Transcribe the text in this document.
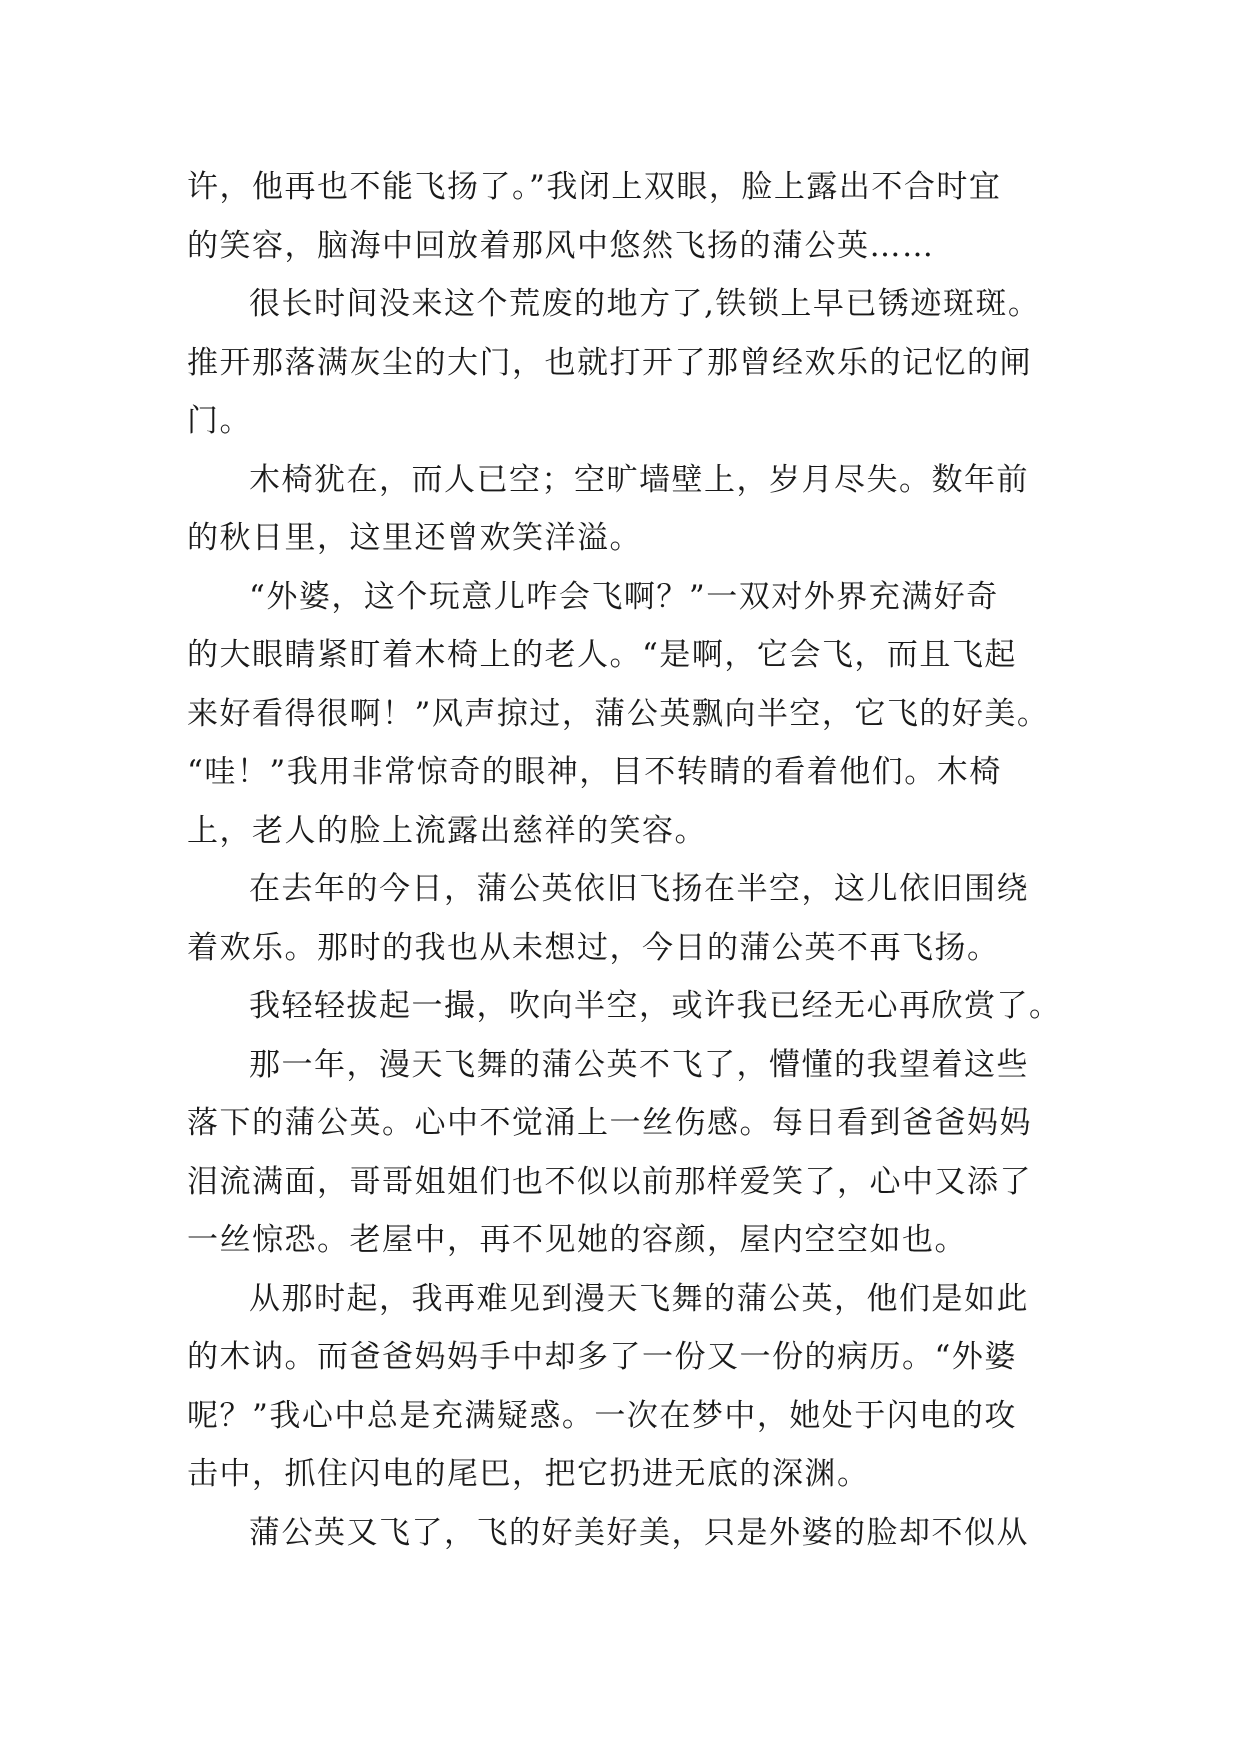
许，他再也不能飞扬了。”我闭上双眼，脸上露出不合时宜
的笑容，脑海中回放着那风中悠然飞扬的蒲公英……

很长时间没来这个荒废的地方了,铁锁上早已锈迹斑斑。
推开那落满灰尘的大门，也就打开了那曾经欢乐的记忆的闸
门。

木椅犹在，而人已空；空旷墙壁上，岁月尽失。数年前
的秋日里，这里还曾欢笑洋溢。

“外婆，这个玩意儿咋会飞啊？”一双对外界充满好奇
的大眼睛紧盯着木椅上的老人。“是啊，它会飞，而且飞起
来好看得很啊！”风声掠过，蒲公英飘向半空，它飞的好美。
“哇！”我用非常惊奇的眼神，目不转睛的看着他们。木椅
上，老人的脸上流露出慈祥的笑容。

在去年的今日，蒲公英依旧飞扬在半空，这儿依旧围绕
着欢乐。那时的我也从未想过，今日的蒲公英不再飞扬。

我轻轻拔起一撮，吹向半空，或许我已经无心再欣赏了。

那一年，漫天飞舞的蒲公英不飞了，懵懂的我望着这些
落下的蒲公英。心中不觉涌上一丝伤感。每日看到爸爸妈妈
泪流满面，哥哥姐姐们也不似以前那样爱笑了，心中又添了
一丝惊恐。老屋中，再不见她的容颜，屋内空空如也。

从那时起，我再难见到漫天飞舞的蒲公英，他们是如此
的木讷。而爸爸妈妈手中却多了一份又一份的病历。“外婆
呢？”我心中总是充满疑惑。一次在梦中，她处于闪电的攻
击中，抓住闪电的尾巴，把它扔进无底的深渊。

蒲公英又飞了，飞的好美好美，只是外婆的脸却不似从
